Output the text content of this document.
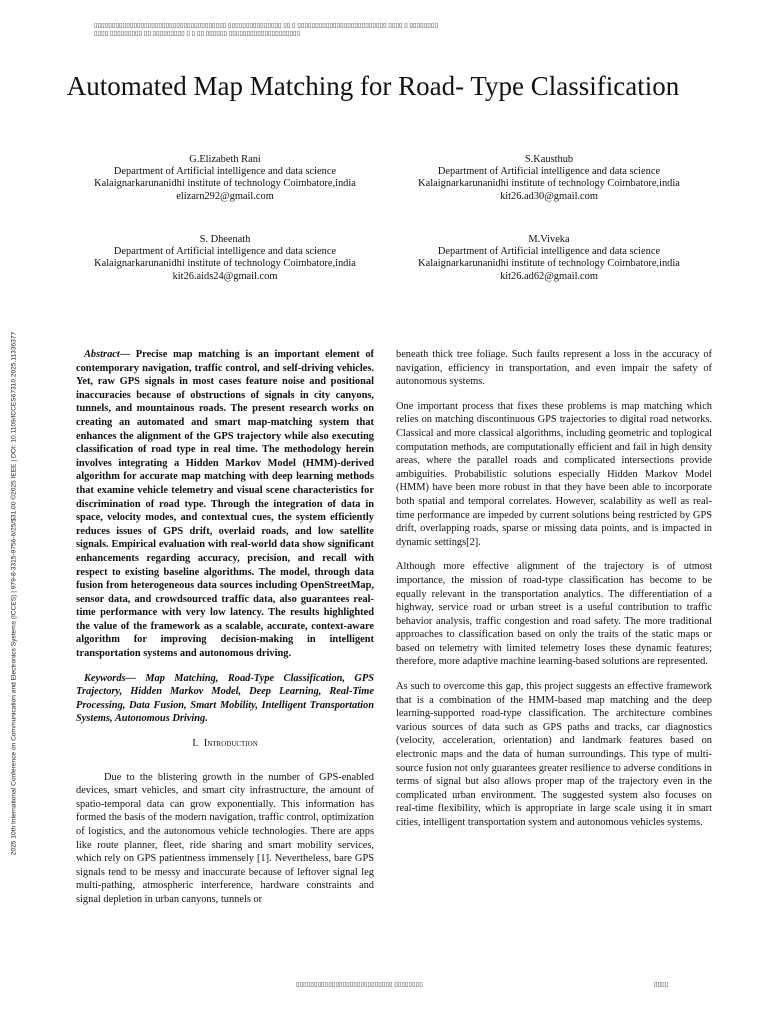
▯▯▯▯▯▯▯▯▯▯▯▯▯▯▯▯▯▯▯▯▯▯▯▯▯▯▯▯▯▯▯▯▯▯▯▯▯ ▯▯▯▯▯▯▯▯▯▯▯▯▯▯▯ ▯▯ ▯ ▯▯▯▯▯▯▯▯▯▯▯▯▯▯▯▯▯▯▯▯▯▯▯▯▯ ▯▯▯▯ ▯ ▯▯▯▯▯▯▯▯
▯▯▯▯ ▯▯▯▯▯▯▯▯▯ ▯▯ ▯▯▯▯▯▯▯▯▯ ▯ ▯ ▯▯ ▯▯▯▯▯▯ ▯▯▯▯▯▯▯▯▯▯▯▯▯▯▯▯▯▯▯▯
2025 10th International Conference on Communication and Electronics Systems (ICCES) | 979-8-3315-9756-6/25/$31.00 ©2025 IEEE | DOI: 10.1109/ICCES67310.2025.11336377
Automated Map Matching for Road- Type Classification
G.Elizabeth Rani
Department of Artificial intelligence and data science
Kalaignarkarunanidhi institute of technology Coimbatore,india
elizarn292@gmail.com
S.Kausthub
Department of Artificial intelligence and data science
Kalaignarkarunanidhi institute of technology Coimbatore,india
kit26.ad30@gmail.com
S. Dheenath
Department of Artificial intelligence and data science
Kalaignarkarunanidhi institute of technology Coimbatore,india
kit26.aids24@gmail.com
M.Viveka
Department of Artificial intelligence and data science
Kalaignarkarunanidhi institute of technology Coimbatore,india
kit26.ad62@gmail.com

Abstract— Precise map matching is an important element of contemporary navigation, traffic control, and self-driving vehicles. Yet, raw GPS signals in most cases feature noise and positional inaccuracies because of obstructions of signals in city canyons, tunnels, and mountainous roads. The present research works on creating an automated and smart map-matching system that enhances the alignment of the GPS trajectory while also executing classification of road type in real time. The methodology herein involves integrating a Hidden Markov Model (HMM)-derived algorithm for accurate map matching with deep learning methods that examine vehicle telemetry and visual scene characteristics for discrimination of road type. Through the integration of data in space, velocity modes, and contextual cues, the system efficiently reduces issues of GPS drift, overlaid roads, and low satellite signals. Empirical evaluation with real-world data show significant enhancements regarding accuracy, precision, and recall with respect to existing baseline algorithms. The model, through data fusion from heterogeneous data sources including OpenStreetMap, sensor data, and crowdsourced traffic data, also guarantees real-time performance with very low latency. The results highlighted the value of the framework as a scalable, accurate, context-aware algorithm for improving decision-making in intelligent transportation systems and autonomous driving.

Keywords— Map Matching, Road-Type Classification, GPS Trajectory, Hidden Markov Model, Deep Learning, Real-Time Processing, Data Fusion, Smart Mobility, Intelligent Transportation Systems, Autonomous Driving.

I. Introduction

Due to the blistering growth in the number of GPS-enabled devices, smart vehicles, and smart city infrastructure, the amount of spatio-temporal data can grow exponentially. This information has formed the basis of the modern navigation, traffic control, optimization of logistics, and the autonomous vehicle technologies. There are apps like route planner, fleet, ride sharing and smart mobility services, which rely on GPS patientness immensely [1]. Nevertheless, bare GPS signals tend to be messy and inaccurate because of leftover signal leg multi-pathing, atmospheric interference, hardware constraints and signal depletion in urban canyons, tunnels or

beneath thick tree foliage. Such faults represent a loss in the accuracy of navigation, efficiency in transportation, and even impair the safety of autonomous systems.

One important process that fixes these problems is map matching which relies on matching discontinuous GPS trajectories to digital road networks. Classical and more classical algorithms, including geometric and toplogical computation methods, are computationally efficient and fail in high density areas, where the parallel roads and complicated intersections provide ambiguities. Probabilistic solutions especially Hidden Markov Model (HMM) have been more robust in that they have been able to incorporate both spatial and temporal correlates. However, scalability as well as real-time performance are impeded by current solutions being restricted by GPS drift, overlapping roads, sparse or missing data points, and is impacted in dynamic settings[2].

Although more effective alignment of the trajectory is of utmost importance, the mission of road-type classification has become to be equally relevant in the transportation analytics. The differentiation of a highway, service road or urban street is a useful contribution to traffic behavior analysis, traffic congestion and road safety. The more traditional approaches to classification based on only the traits of the static maps or based on telemetry with limited telemetry loses these dynamic features; therefore, more adaptive machine learning-based solutions are represented.

As such to overcome this gap, this project suggests an effective framework that is a combination of the HMM-based map matching and the deep learning-supported road-type classification. The architecture combines various sources of data such as GPS paths and tracks, car diagnostics (velocity, acceleration, orientation) and landmark features based on electronic maps and the data of human surroundings. This type of multi-source fusion not only guarantees greater resilience to adverse conditions in terms of signal but also allows proper map of the trajectory even in the complicated urban environment. The suggested system also focuses on real-time flexibility, which is appropriate in large scale using it in smart cities, intelligent transportation system and autonomous vehicles systems.

▯▯▯▯▯▯▯▯▯▯▯▯▯▯▯▯▯▯▯▯▯▯▯▯▯▯▯ ▯▯▯▯▯▯▯▯	▯▯▯▯
